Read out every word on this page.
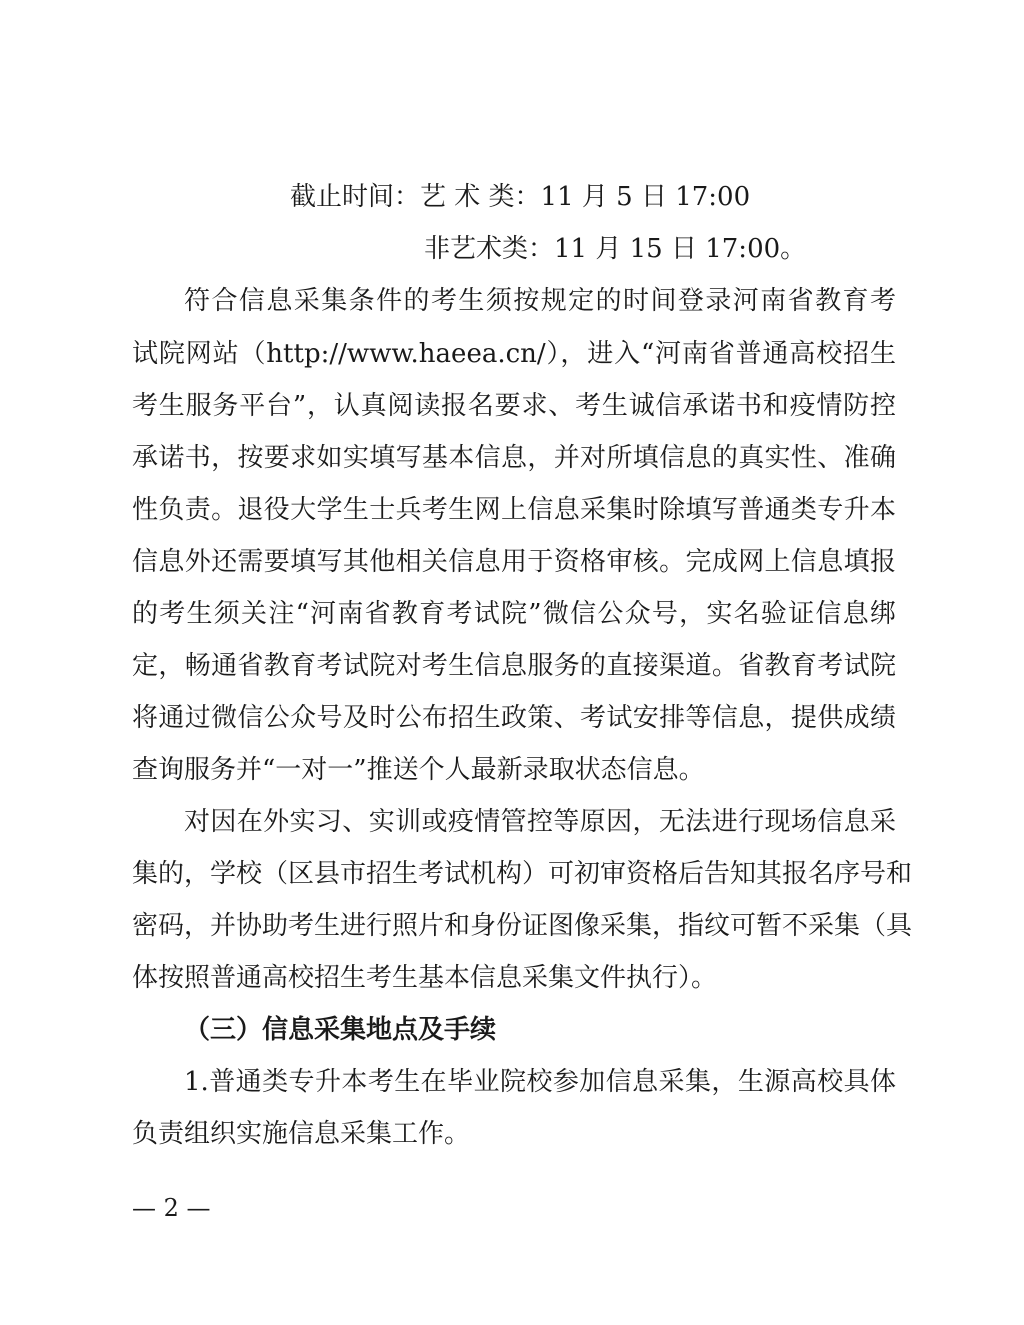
截止时间：艺 术 类：11 月 5 日 17:00
非艺术类：11 月 15 日 17:00。
符合信息采集条件的考生须按规定的时间登录河南省教育考
试院网站（http://www.haeea.cn/），进入“河南省普通高校招生
考生服务平台”，认真阅读报名要求、考生诚信承诺书和疫情防控
承诺书，按要求如实填写基本信息，并对所填信息的真实性、准确
性负责。退役大学生士兵考生网上信息采集时除填写普通类专升本
信息外还需要填写其他相关信息用于资格审核。完成网上信息填报
的考生须关注“河南省教育考试院”微信公众号，实名验证信息绑
定，畅通省教育考试院对考生信息服务的直接渠道。省教育考试院
将通过微信公众号及时公布招生政策、考试安排等信息，提供成绩
查询服务并“一对一”推送个人最新录取状态信息。
对因在外实习、实训或疫情管控等原因，无法进行现场信息采
集的，学校（区县市招生考试机构）可初审资格后告知其报名序号和
密码，并协助考生进行照片和身份证图像采集，指纹可暂不采集（具
体按照普通高校招生考生基本信息采集文件执行）。
（三）信息采集地点及手续
1.普通类专升本考生在毕业院校参加信息采集，生源高校具体
负责组织实施信息采集工作。
— 2 —
